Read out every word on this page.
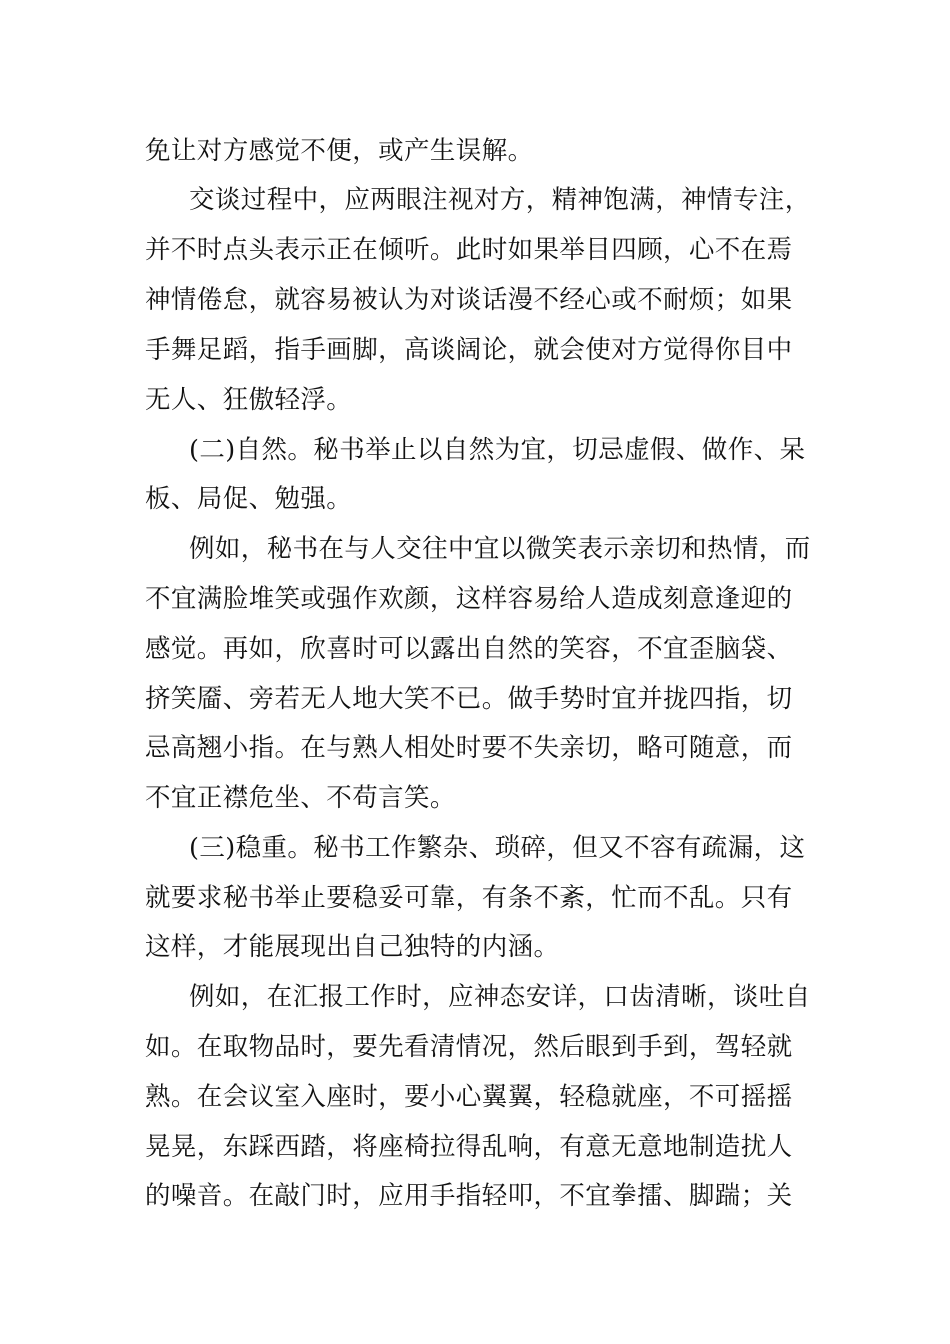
免让对方感觉不便，或产生误解。
交谈过程中，应两眼注视对方，精神饱满，神情专注，
并不时点头表示正在倾听。此时如果举目四顾，心不在焉
神情倦怠，就容易被认为对谈话漫不经心或不耐烦；如果
手舞足蹈，指手画脚，高谈阔论，就会使对方觉得你目中
无人、狂傲轻浮。
(二)自然。秘书举止以自然为宜，切忌虚假、做作、呆
板、局促、勉强。
例如，秘书在与人交往中宜以微笑表示亲切和热情，而
不宜满脸堆笑或强作欢颜，这样容易给人造成刻意逢迎的
感觉。再如，欣喜时可以露出自然的笑容，不宜歪脑袋、
挤笑靥、旁若无人地大笑不已。做手势时宜并拢四指，切
忌高翘小指。在与熟人相处时要不失亲切，略可随意，而
不宜正襟危坐、不苟言笑。
(三)稳重。秘书工作繁杂、琐碎，但又不容有疏漏，这
就要求秘书举止要稳妥可靠，有条不紊，忙而不乱。只有
这样，才能展现出自己独特的内涵。
例如，在汇报工作时，应神态安详，口齿清晰，谈吐自
如。在取物品时，要先看清情况，然后眼到手到，驾轻就
熟。在会议室入座时，要小心翼翼，轻稳就座，不可摇摇
晃晃，东踩西踏，将座椅拉得乱响，有意无意地制造扰人
的噪音。在敲门时，应用手指轻叩，不宜拳擂、脚踹；关
